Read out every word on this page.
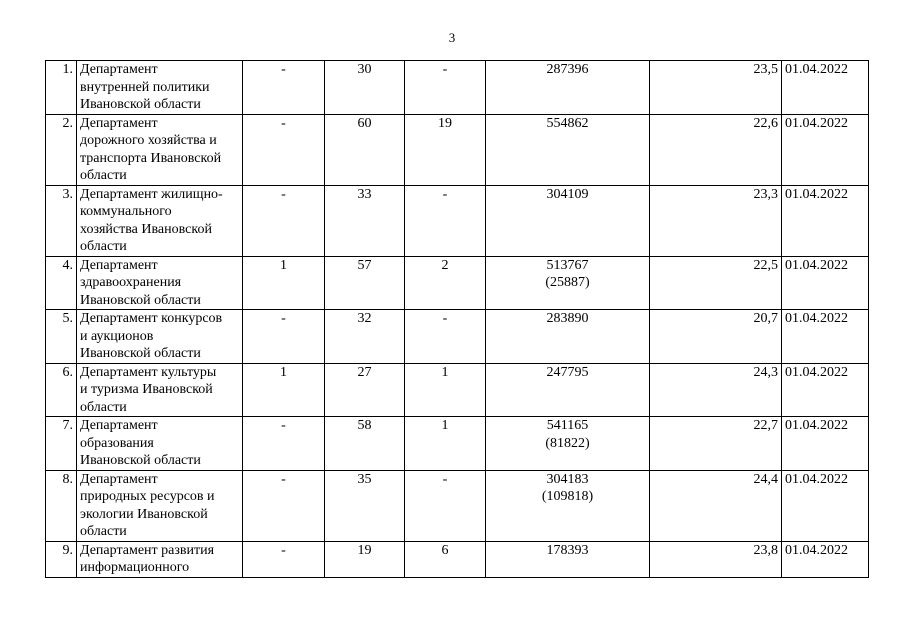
3
1.	Департамент
внутренней политики
Ивановской области	-	30	-	287396	23,5	01.04.2022
2.	Департамент
дорожного хозяйства и
транспорта Ивановской
области	-	60	19	554862	22,6	01.04.2022
3.	Департамент жилищно-
коммунального
хозяйства Ивановской
области	-	33	-	304109	23,3	01.04.2022
4.	Департамент
здравоохранения
Ивановской области	1	57	2	513767
(25887)	22,5	01.04.2022
5.	Департамент конкурсов
и аукционов
Ивановской области	-	32	-	283890	20,7	01.04.2022
6.	Департамент культуры
и туризма Ивановской
области	1	27	1	247795	24,3	01.04.2022
7.	Департамент
образования
Ивановской области	-	58	1	541165
(81822)	22,7	01.04.2022
8.	Департамент
природных ресурсов и
экологии Ивановской
области	-	35	-	304183
(109818)	24,4	01.04.2022
9.	Департамент развития
информационного	-	19	6	178393	23,8	01.04.2022
